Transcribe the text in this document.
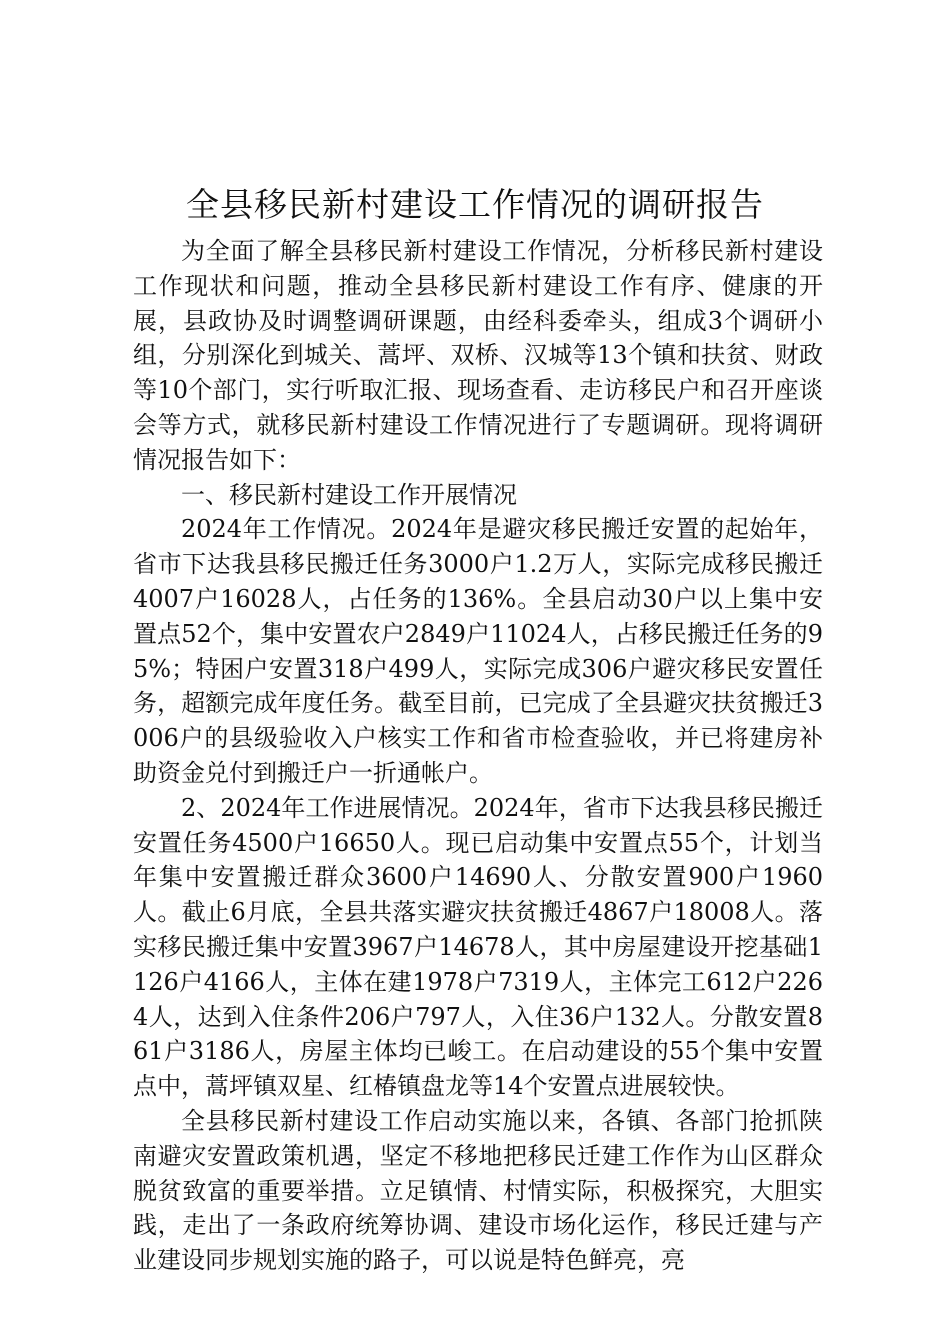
全县移民新村建设工作情况的调研报告

为全面了解全县移民新村建设工作情况，分析移民新村建设工作现状和问题，推动全县移民新村建设工作有序、健康的开展，县政协及时调整调研课题，由经科委牵头，组成3个调研小组，分别深化到城关、蒿坪、双桥、汉城等13个镇和扶贫、财政等10个部门，实行听取汇报、现场查看、走访移民户和召开座谈会等方式，就移民新村建设工作情况进行了专题调研。现将调研情况报告如下：

一、移民新村建设工作开展情况

2024年工作情况。2024年是避灾移民搬迁安置的起始年，省市下达我县移民搬迁任务3000户1.2万人，实际完成移民搬迁4007户16028人，占任务的136%。全县启动30户以上集中安置点52个，集中安置农户2849户11024人，占移民搬迁任务的95%；特困户安置318户499人，实际完成306户避灾移民安置任务，超额完成年度任务。截至目前，已完成了全县避灾扶贫搬迁3006户的县级验收入户核实工作和省市检查验收，并已将建房补助资金兑付到搬迁户一折通帐户。

2、2024年工作进展情况。2024年，省市下达我县移民搬迁安置任务4500户16650人。现已启动集中安置点55个，计划当年集中安置搬迁群众3600户14690人、分散安置900户1960人。截止6月底，全县共落实避灾扶贫搬迁4867户18008人。落实移民搬迁集中安置3967户14678人，其中房屋建设开挖基础1126户4166人，主体在建1978户7319人，主体完工612户2264人，达到入住条件206户797人，入住36户132人。分散安置861户3186人，房屋主体均已峻工。在启动建设的55个集中安置点中，蒿坪镇双星、红椿镇盘龙等14个安置点进展较快。

全县移民新村建设工作启动实施以来，各镇、各部门抢抓陕南避灾安置政策机遇，坚定不移地把移民迁建工作作为山区群众脱贫致富的重要举措。立足镇情、村情实际，积极探究，大胆实践，走出了一条政府统筹协调、建设市场化运作，移民迁建与产业建设同步规划实施的路子，可以说是特色鲜亮，亮
